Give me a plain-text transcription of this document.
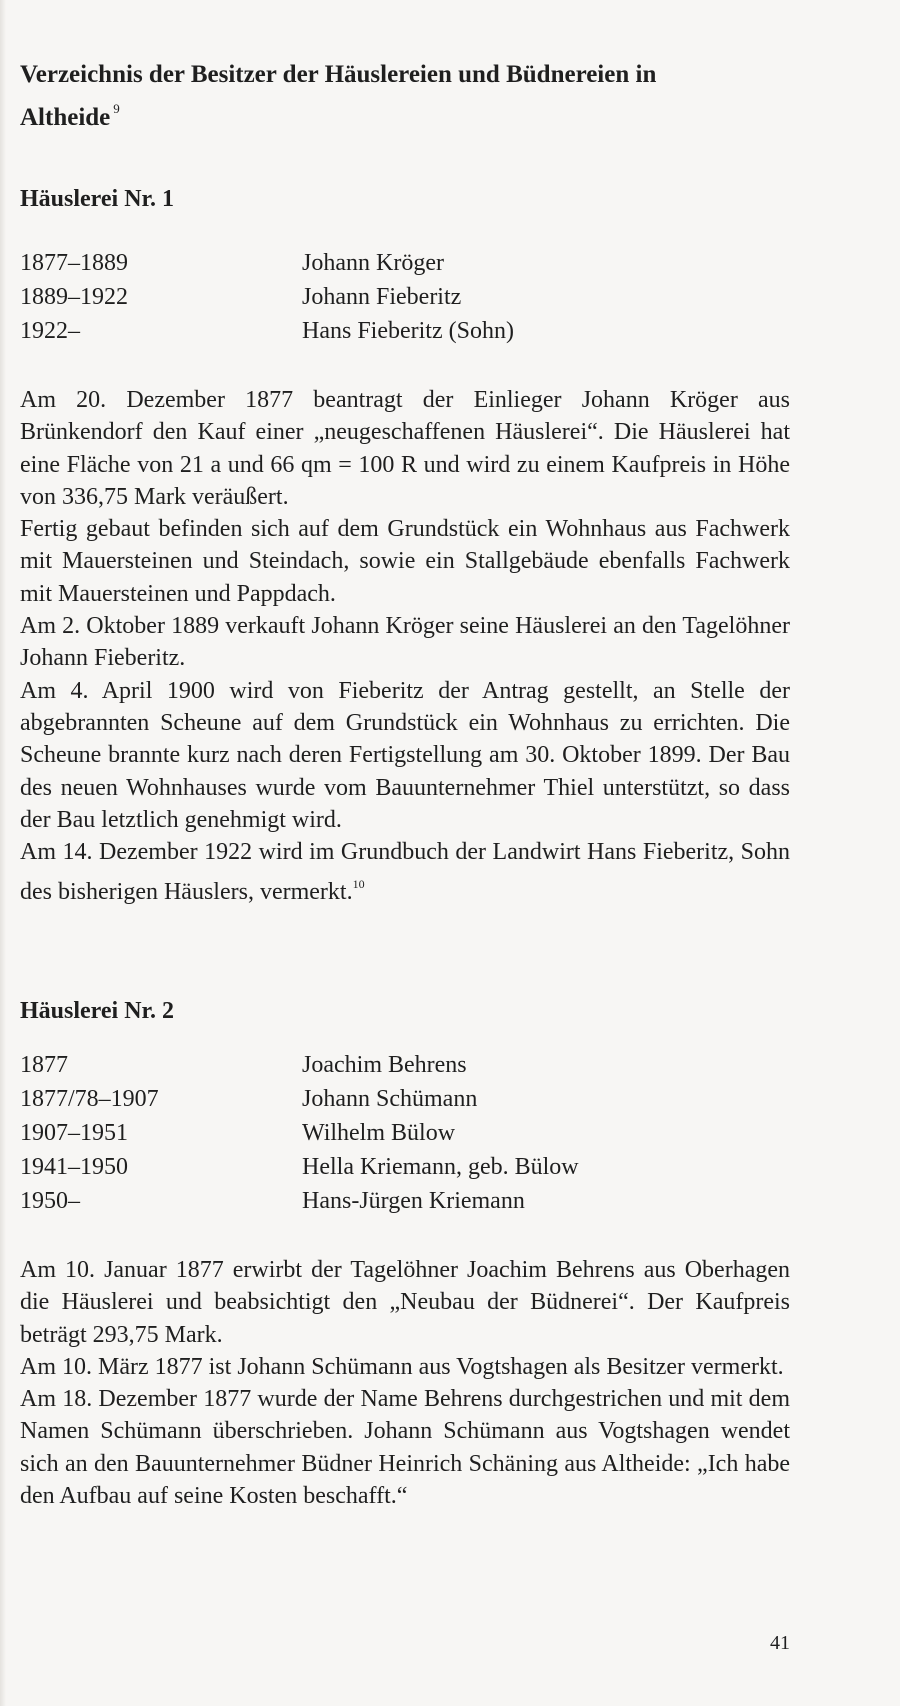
Verzeichnis der Besitzer der Häuslereien und Büdnereien in Altheide $^9$
Häuslerei Nr. 1
1877–1889	Johann Kröger
1889–1922	Johann Fieberitz
1922–	Hans Fieberitz (Sohn)

Am 20. Dezember 1877 beantragt der Einlieger Johann Kröger aus Brünkendorf den Kauf einer „neugeschaffenen Häuslerei“. Die Häuslerei hat eine Fläche von 21 a und 66 qm = 100 R und wird zu einem Kaufpreis in Höhe von 336,75 Mark veräußert.

Fertig gebaut befinden sich auf dem Grundstück ein Wohnhaus aus Fachwerk mit Mauersteinen und Steindach, sowie ein Stallgebäude ebenfalls Fachwerk mit Mauersteinen und Pappdach.

Am 2. Oktober 1889 verkauft Johann Kröger seine Häuslerei an den Tagelöhner Johann Fieberitz.

Am 4. April 1900 wird von Fieberitz der Antrag gestellt, an Stelle der abgebrannten Scheune auf dem Grundstück ein Wohnhaus zu errichten. Die Scheune brannte kurz nach deren Fertigstellung am 30. Oktober 1899. Der Bau des neuen Wohnhauses wurde vom Bauunternehmer Thiel unterstützt, so dass der Bau letztlich genehmigt wird.

Am 14. Dezember 1922 wird im Grundbuch der Landwirt Hans Fieberitz, Sohn des bisherigen Häuslers, vermerkt.$^{10}$

Häuslerei Nr. 2
1877	Joachim Behrens
1877/78–1907	Johann Schümann
1907–1951	Wilhelm Bülow
1941–1950	Hella Kriemann, geb. Bülow
1950–	Hans-Jürgen Kriemann

Am 10. Januar 1877 erwirbt der Tagelöhner Joachim Behrens aus Oberhagen die Häuslerei und beabsichtigt den „Neubau der Büdnerei“. Der Kaufpreis beträgt 293,75 Mark.

Am 10. März 1877 ist Johann Schümann aus Vogtshagen als Besitzer vermerkt.

Am 18. Dezember 1877 wurde der Name Behrens durchgestrichen und mit dem Namen Schümann überschrieben. Johann Schümann aus Vogtshagen wendet sich an den Bauunternehmer Büdner Heinrich Schäning aus Altheide: „Ich habe den Aufbau auf seine Kosten beschafft.“

41
